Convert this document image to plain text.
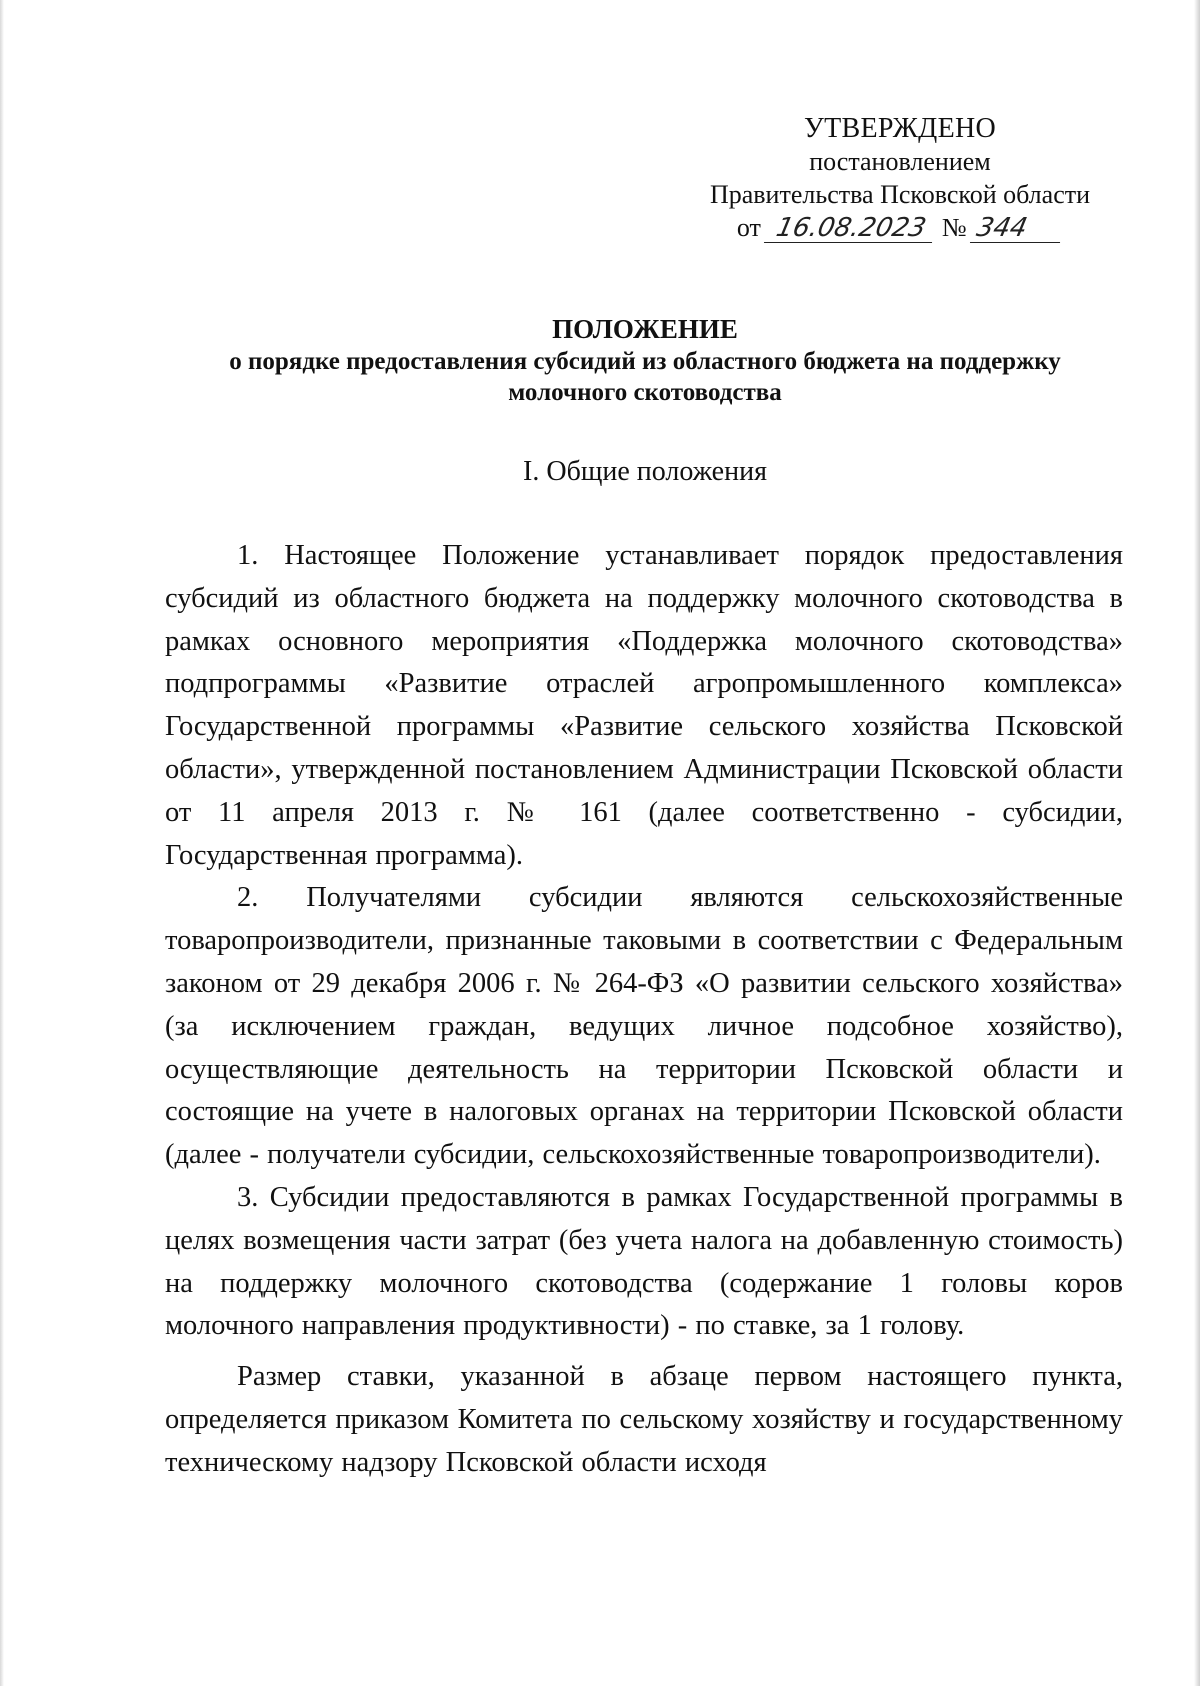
УТВЕРЖДЕНО
постановлением
Правительства Псковской области
от 16.08.2023 № 344
ПОЛОЖЕНИЕ
о порядке предоставления субсидий из областного бюджета на поддержку
молочного скотоводства
I. Общие положения

1. Настоящее Положение устанавливает порядок предоставления субсидий из областного бюджета на поддержку молочного скотоводства в рамках основного мероприятия «Поддержка молочного скотоводства» подпрограммы «Развитие отраслей агропромышленного комплекса» Государственной программы «Развитие сельского хозяйства Псковской области», утвержденной постановлением Администрации Псковской области от 11 апреля 2013 г. № 161 (далее соответственно - субсидии, Государственная программа).

2. Получателями субсидии являются сельскохозяйственные товаропроизводители, признанные таковыми в соответствии с Федеральным законом от 29 декабря 2006 г. № 264-ФЗ «О развитии сельского хозяйства» (за исключением граждан, ведущих личное подсобное хозяйство), осуществляющие деятельность на территории Псковской области и состоящие на учете в налоговых органах на территории Псковской области (далее - получатели субсидии, сельскохозяйственные товаропроизводители).

3. Субсидии предоставляются в рамках Государственной программы в целях возмещения части затрат (без учета налога на добавленную стоимость) на поддержку молочного скотоводства (содержание 1 головы коров молочного направления продуктивности) - по ставке, за 1 голову.

Размер ставки, указанной в абзаце первом настоящего пункта, определяется приказом Комитета по сельскому хозяйству и государственному техническому надзору Псковской области исходя
